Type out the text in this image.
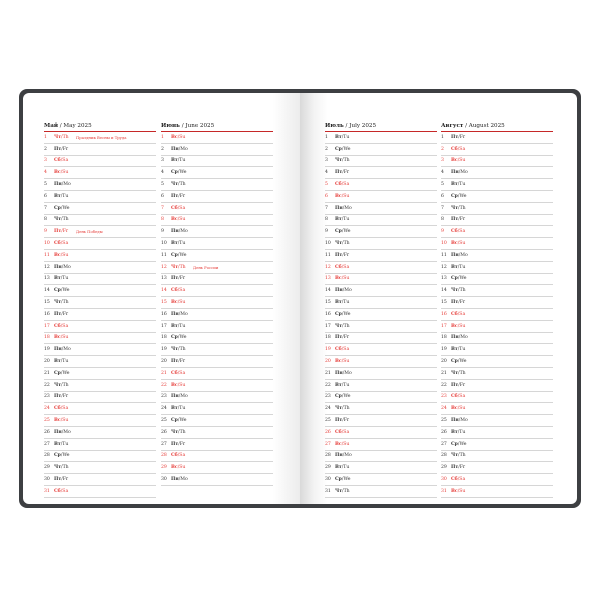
Май / May 2025
1	Чт/Th	Праздник Весны и Труда
2	Пт/Fr
3	Сб/Sa
4	Вс/Su
5	Пн/Mo
6	Вт/Tu
7	Ср/We
8	Чт/Th
9	Пт/Fr	День Победы
10 Сб/Sa
11 Вс/Su
12 Пн/Mo
13 Вт/Tu
14 Ср/We
15 Чт/Th
16 Пт/Fr
17 Сб/Sa
18 Вс/Su
19 Пн/Mo
20 Вт/Tu
21 Ср/We
22 Чт/Th
23 Пт/Fr
24 Сб/Sa
25 Вс/Su
26 Пн/Mo
27 Вт/Tu
28 Ср/We
29 Чт/Th
30 Пт/Fr
31 Сб/Sa
Июнь / June 2025
1	Вс/Su
2	Пн/Mo
3	Вт/Tu
4	Ср/We
5	Чт/Th
6	Пт/Fr
7	Сб/Sa
8	Вс/Su
9	Пн/Mo
10 Вт/Tu
11 Ср/We
12 Чт/Th	День России
13 Пт/Fr
14 Сб/Sa
15 Вс/Su
16 Пн/Mo
17 Вт/Tu
18 Ср/We
19 Чт/Th
20 Пт/Fr
21 Сб/Sa
22 Вс/Su
23 Пн/Mo
24 Вт/Tu
25 Ср/We
26 Чт/Th
27 Пт/Fr
28 Сб/Sa
29 Вс/Su
30 Пн/Mo
Июль / July 2025
1	Вт/Tu
2	Ср/We
3	Чт/Th
4	Пт/Fr
5	Сб/Sa
6	Вс/Su
7	Пн/Mo
8	Вт/Tu
9	Ср/We
10 Чт/Th
11 Пт/Fr
12 Сб/Sa
13 Вс/Su
14 Пн/Mo
15 Вт/Tu
16 Ср/We
17 Чт/Th
18 Пт/Fr
19 Сб/Sa
20 Вс/Su
21 Пн/Mo
22 Вт/Tu
23 Ср/We
24 Чт/Th
25 Пт/Fr
26 Сб/Sa
27 Вс/Su
28 Пн/Mo
29 Вт/Tu
30 Ср/We
31 Чт/Th
Август / August 2025
1	Пт/Fr
2	Сб/Sa
3	Вс/Su
4	Пн/Mo
5	Вт/Tu
6	Ср/We
7	Чт/Th
8	Пт/Fr
9	Сб/Sa
10 Вс/Su
11 Пн/Mo
12 Вт/Tu
13 Ср/We
14 Чт/Th
15 Пт/Fr
16 Сб/Sa
17 Вс/Su
18 Пн/Mo
19 Вт/Tu
20 Ср/We
21 Чт/Th
22 Пт/Fr
23 Сб/Sa
24 Вс/Su
25 Пн/Mo
26 Вт/Tu
27 Ср/We
28 Чт/Th
29 Пт/Fr
30 Сб/Sa
31 Вс/Su
